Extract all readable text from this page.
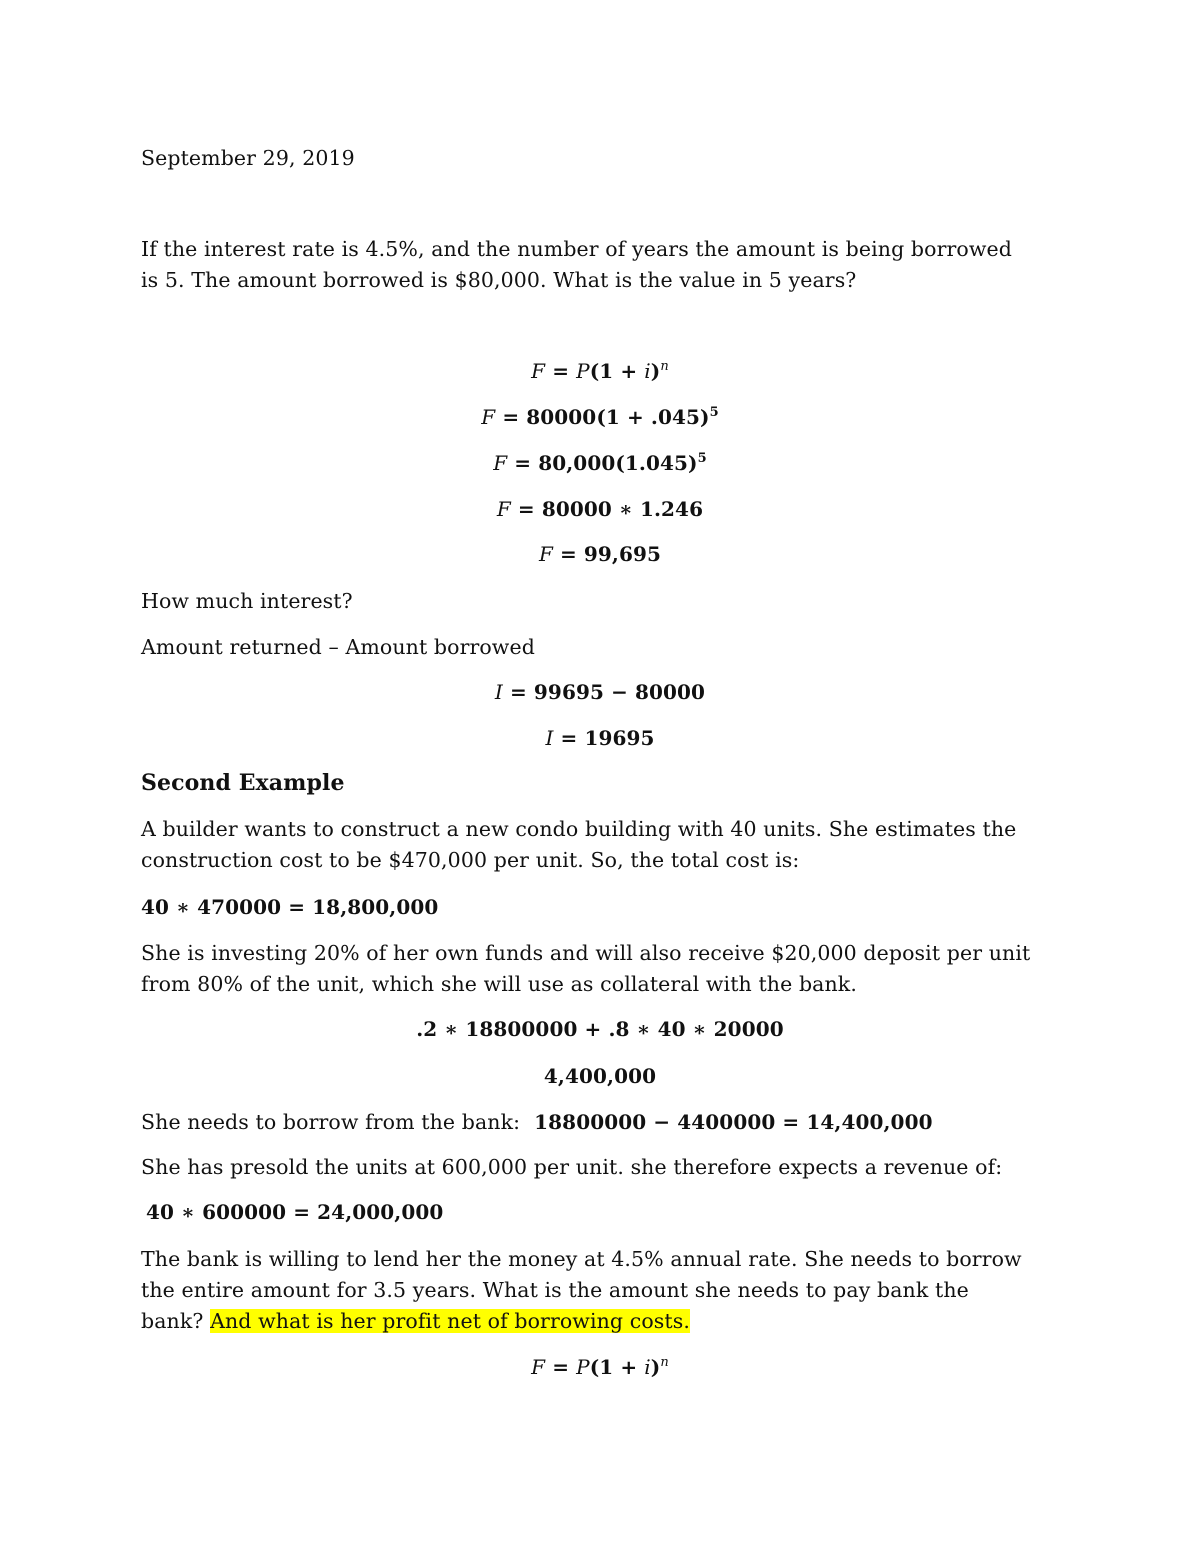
September 29, 2019
If the interest rate is 4.5%, and the number of years the amount is being borrowed
is 5. The amount borrowed is $80,000. What is the value in 5 years?
$F = P(1 + i)^n$
$F = 80000(1 + .045)^5$
$F = 80,000(1.045)^5$
F = 80000 ∗ 1.246
F = 99,695
How much interest?
Amount returned – Amount borrowed
I = 99695 − 80000
I = 19695
Second Example
A builder wants to construct a new condo building with 40 units. She estimates the
construction cost to be $470,000 per unit. So, the total cost is:
40 ∗ 470000 = 18,800,000
She is investing 20% of her own funds and will also receive $20,000 deposit per unit
from 80% of the unit, which she will use as collateral with the bank.
.2 ∗ 18800000 + .8 ∗ 40 ∗ 20000
4,400,000
She needs to borrow from the bank: 18800000 − 4400000 = 14,400,000
She has presold the units at 600,000 per unit. she therefore expects a revenue of:
40 ∗ 600000 = 24,000,000
The bank is willing to lend her the money at 4.5% annual rate. She needs to borrow
the entire amount for 3.5 years. What is the amount she needs to pay bank the
bank? And what is her profit net of borrowing costs.
$F = P(1 + i)^n$
